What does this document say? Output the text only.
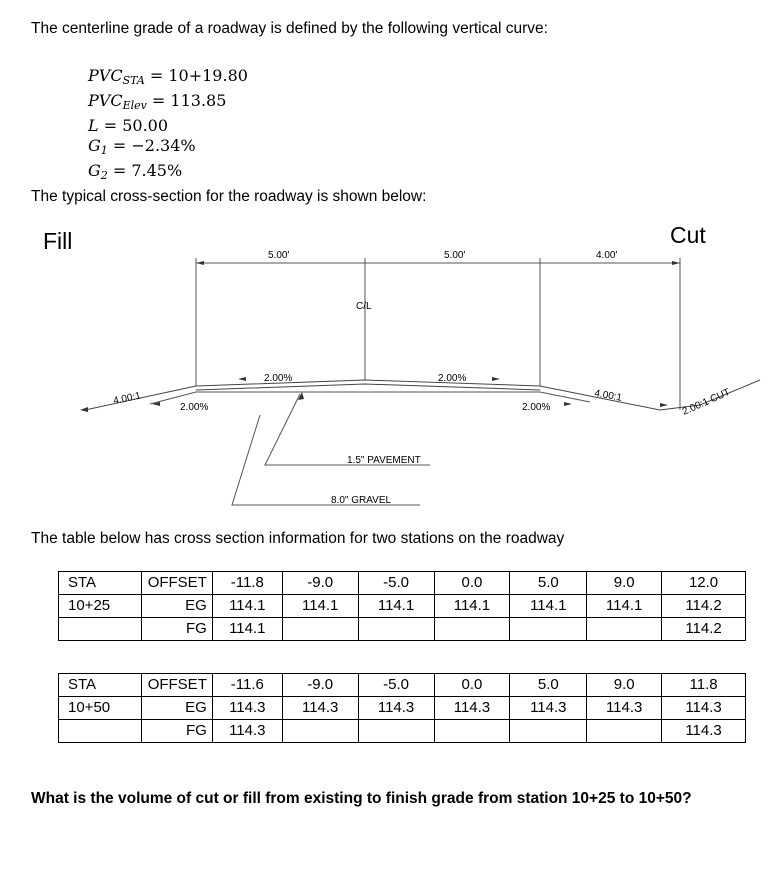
The centerline grade of a roadway is defined by the following vertical curve:
$PVC_{STA} = 10+19.80$
$PVC_{Elev} = 113.85$
L = 50.00
$G_1 = -2.34\%$
$G_2 = 7.45\%$
The typical cross-section for the roadway is shown below:
5.00'	5.00'	4.00'
C/L
2.00%	2.00%
2.00%	2.00%
4.00:1	4.00:1	2.00:1 CUT
1.5" PAVEMENT
8.0" GRAVEL
Fill	Cut
The table below has cross section information for two stations on the roadway
STA	OFFSET	-11.8	-9.0	-5.0	0.0	5.0	9.0	12.0
10+25	EG	114.1	114.1	114.1	114.1	114.1	114.1	114.2
	FG	114.1						114.2
STA	OFFSET	-11.6	-9.0	-5.0	0.0	5.0	9.0	11.8
10+50	EG	114.3	114.3	114.3	114.3	114.3	114.3	114.3
	FG	114.3						114.3
What is the volume of cut or fill from existing to finish grade from station 10+25 to 10+50?
